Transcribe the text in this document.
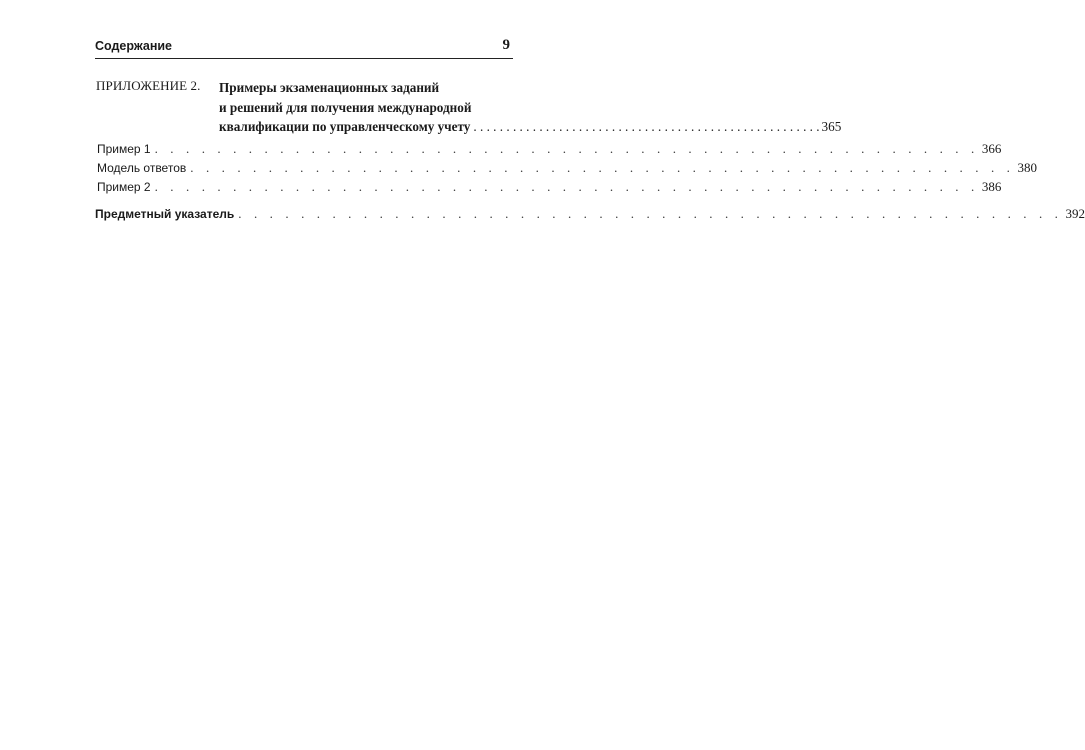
Содержание	9
ПРИЛОЖЕНИЕ 2. Примеры экзаменационных заданий
и решений для получения международной
квалификации по управленческому учету . . . . . . . . . . . . . . . . . . . . . . . . . . . . . . . . . . . . . . . . . . . . . . . . . . . . . 365
Пример 1 . . . . . . . . . . . . . . . . . . . . . . . . . . . . . . . . . . . . . . . . . . . . . . . . . . . . . 366
Модель ответов . . . . . . . . . . . . . . . . . . . . . . . . . . . . . . . . . . . . . . . . . . . . . . . . . . . . . 380
Пример 2 . . . . . . . . . . . . . . . . . . . . . . . . . . . . . . . . . . . . . . . . . . . . . . . . . . . . . 386
Предметный указатель . . . . . . . . . . . . . . . . . . . . . . . . . . . . . . . . . . . . . . . . . . . . . . . . . . . . . 392
